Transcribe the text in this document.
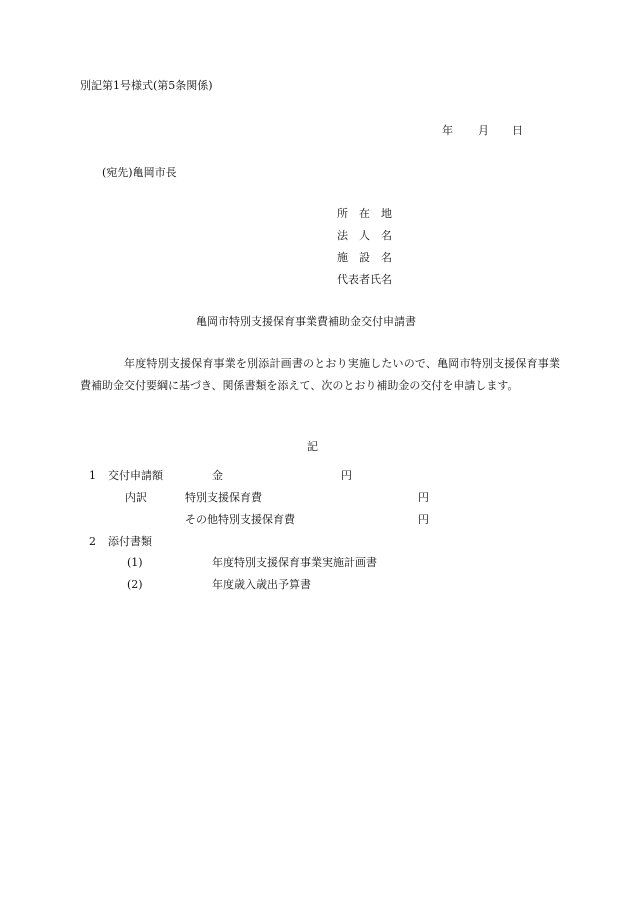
別記第1号様式(第5条関係)
年 月 日
(宛先)亀岡市長
所　在　地
法　人　名
施　設　名
代表者氏名
亀岡市特別支援保育事業費補助金交付申請書
年度特別支援保育事業を別添計画書のとおり実施したいので、亀岡市特別支援保育事業費補助金交付要綱に基づき、関係書類を添えて、次のとおり補助金の交付を申請します。
記
1 交付申請額	金	円
内訳	特別支援保育費	円
その他特別支援保育費	円
2 添付書類
(1)	年度特別支援保育事業実施計画書
(2)	年度歳入歳出予算書
